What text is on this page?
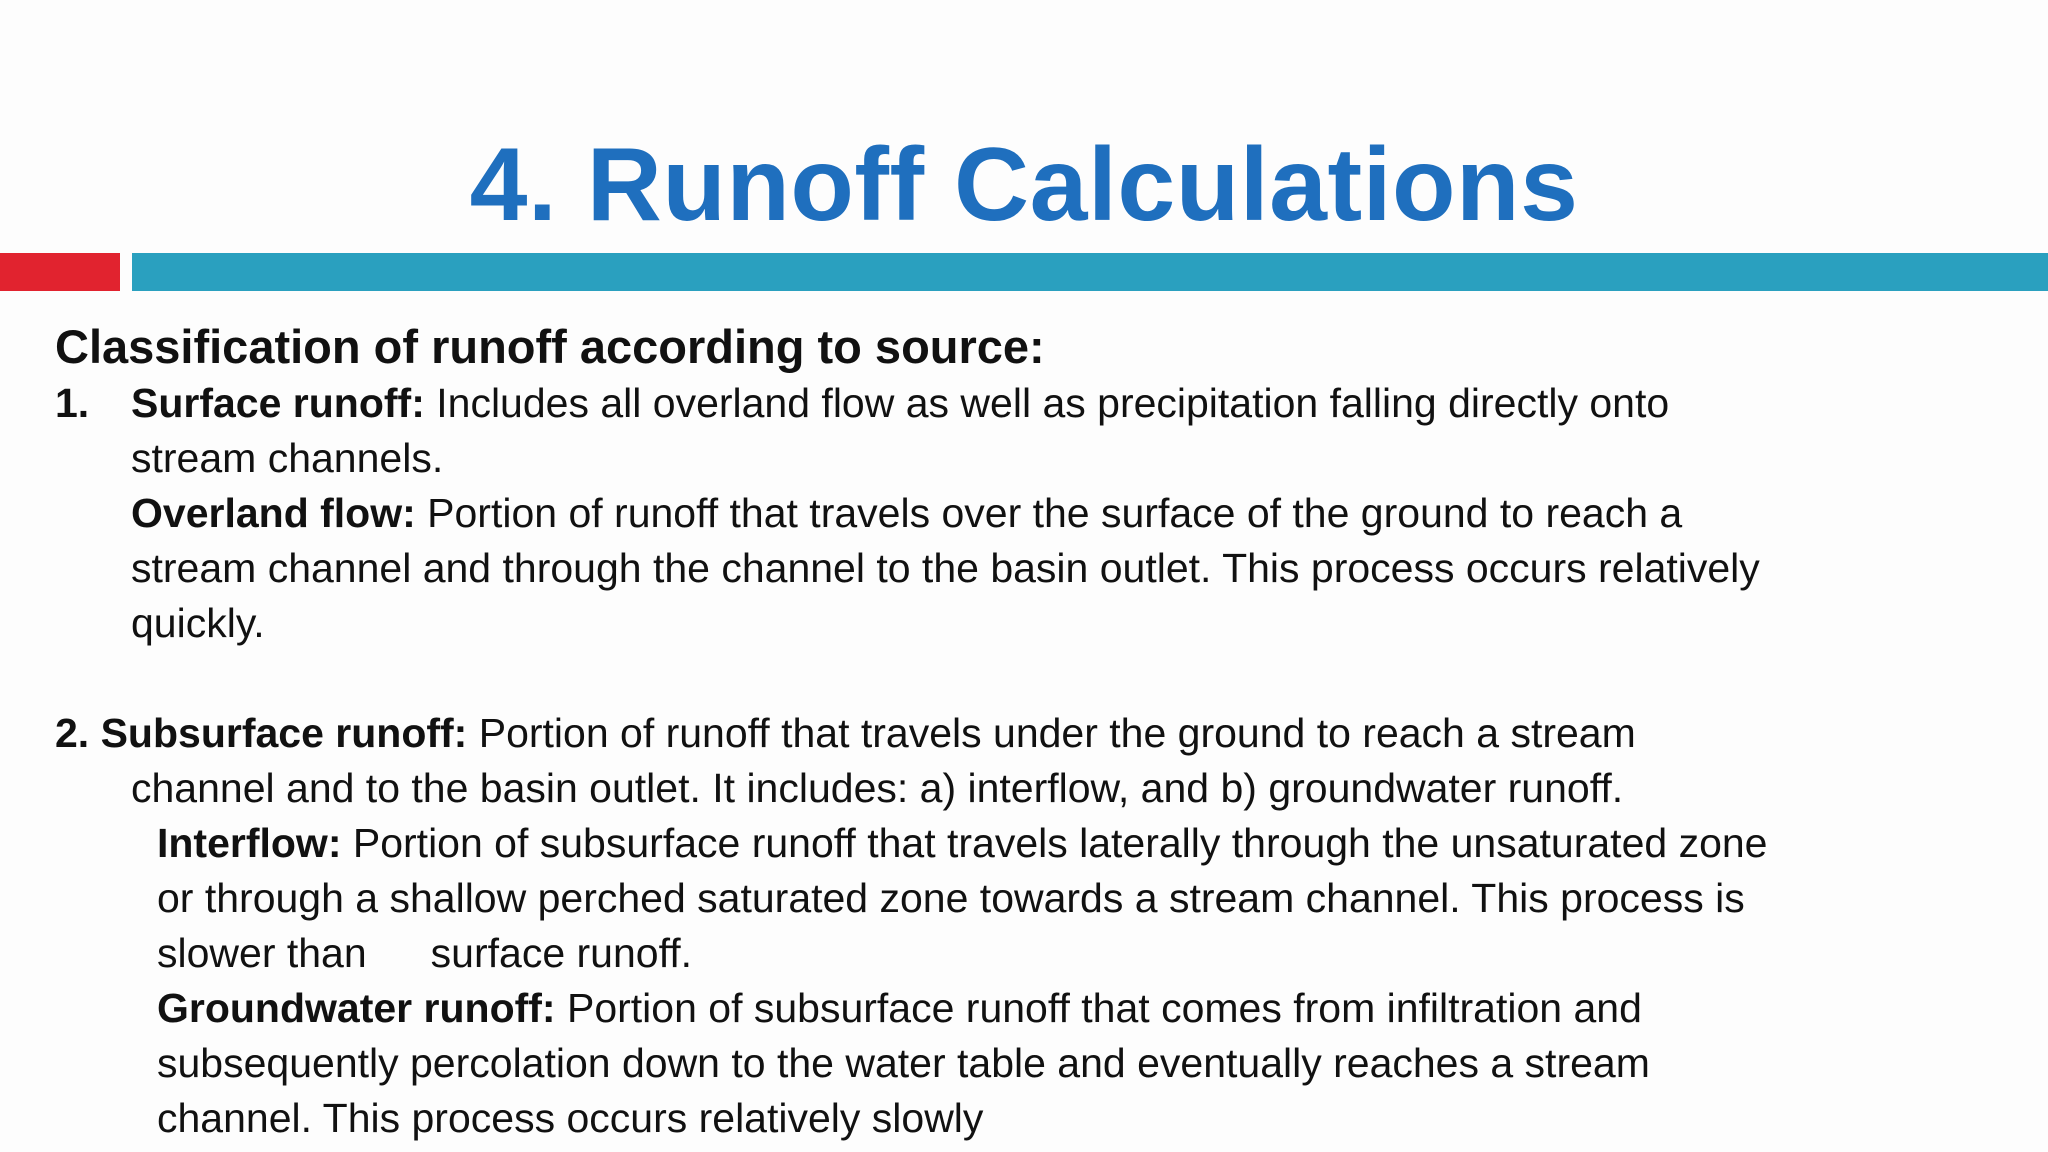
4. Runoff Calculations
Classification of runoff according to source:
1. Surface runoff: Includes all overland flow as well as precipitation falling directly onto
stream channels.
Overland flow: Portion of runoff that travels over the surface of the ground to reach a
stream channel and through the channel to the basin outlet. This process occurs relatively
quickly.
2. Subsurface runoff: Portion of runoff that travels under the ground to reach a stream
channel and to the basin outlet. It includes: a) interflow, and b) groundwater runoff.
Interflow: Portion of subsurface runoff that travels laterally through the unsaturated zone
or through a shallow perched saturated zone towards a stream channel. This process is
slower than surface runoff.
Groundwater runoff: Portion of subsurface runoff that comes from infiltration and
subsequently percolation down to the water table and eventually reaches a stream
channel. This process occurs relatively slowly
